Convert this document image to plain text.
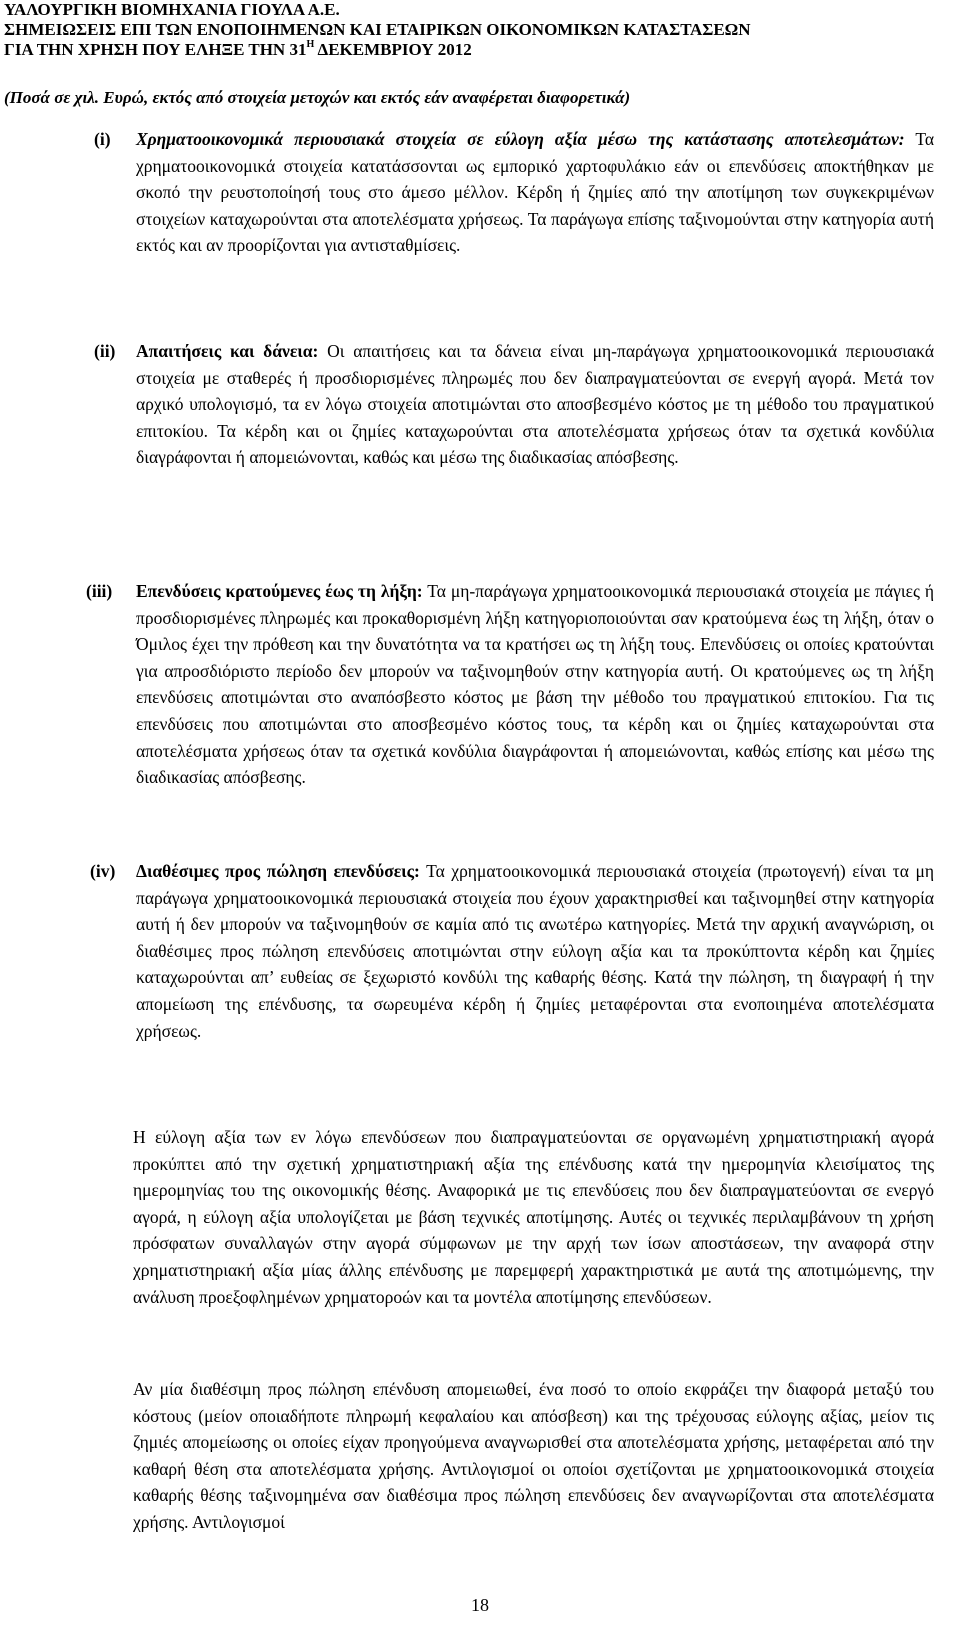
ΥΑΛΟΥΡΓΙΚΗ ΒΙΟΜΗΧΑΝΙΑ ΓΙΟΥΛΑ Α.Ε.
ΣΗΜΕΙΩΣΕΙΣ ΕΠΙ ΤΩΝ ΕΝΟΠΟΙΗΜΕΝΩΝ ΚΑΙ ΕΤΑΙΡΙΚΩΝ ΟΙΚΟΝΟΜΙΚΩΝ ΚΑΤΑΣΤΑΣΕΩΝ
ΓΙΑ ΤΗΝ ΧΡΗΣΗ ΠΟΥ ΕΛΗΞΕ ΤΗΝ $31^H$ ΔΕΚΕΜΒΡΙΟΥ 2012
(Ποσά σε χιλ. Ευρώ, εκτός από στοιχεία μετοχών και εκτός εάν αναφέρεται διαφορετικά)
(i) Χρηματοοικονομικά περιουσιακά στοιχεία σε εύλογη αξία μέσω της κατάστασης αποτελεσμάτων: Τα χρηματοοικονομικά στοιχεία κατατάσσονται ως εμπορικό χαρτοφυλάκιο εάν οι επενδύσεις αποκτήθηκαν με σκοπό την ρευστοποίησή τους στο άμεσο μέλλον. Κέρδη ή ζημίες από την αποτίμηση των συγκεκριμένων στοιχείων καταχωρούνται στα αποτελέσματα χρήσεως. Τα παράγωγα επίσης ταξινομούνται στην κατηγορία αυτή εκτός και αν προορίζονται για αντισταθμίσεις.
(ii) Απαιτήσεις και δάνεια: Οι απαιτήσεις και τα δάνεια είναι μη-παράγωγα χρηματοοικονομικά περιουσιακά στοιχεία με σταθερές ή προσδιορισμένες πληρωμές που δεν διαπραγματεύονται σε ενεργή αγορά. Μετά τον αρχικό υπολογισμό, τα εν λόγω στοιχεία αποτιμώνται στο αποσβεσμένο κόστος με τη μέθοδο του πραγματικού επιτοκίου. Τα κέρδη και οι ζημίες καταχωρούνται στα αποτελέσματα χρήσεως όταν τα σχετικά κονδύλια διαγράφονται ή απομειώνονται, καθώς και μέσω της διαδικασίας απόσβεσης.
(iii) Επενδύσεις κρατούμενες έως τη λήξη: Τα μη-παράγωγα χρηματοοικονομικά περιουσιακά στοιχεία με πάγιες ή προσδιορισμένες πληρωμές και προκαθορισμένη λήξη κατηγοριοποιούνται σαν κρατούμενα έως τη λήξη, όταν ο Όμιλος έχει την πρόθεση και την δυνατότητα να τα κρατήσει ως τη λήξη τους. Επενδύσεις οι οποίες κρατούνται για απροσδιόριστο περίοδο δεν μπορούν να ταξινομηθούν στην κατηγορία αυτή. Οι κρατούμενες ως τη λήξη επενδύσεις αποτιμώνται στο αναπόσβεστο κόστος με βάση την μέθοδο του πραγματικού επιτοκίου. Για τις επενδύσεις που αποτιμώνται στο αποσβεσμένο κόστος τους, τα κέρδη και οι ζημίες καταχωρούνται στα αποτελέσματα χρήσεως όταν τα σχετικά κονδύλια διαγράφονται ή απομειώνονται, καθώς επίσης και μέσω της διαδικασίας απόσβεσης.
(iv) Διαθέσιμες προς πώληση επενδύσεις: Τα χρηματοοικονομικά περιουσιακά στοιχεία (πρωτογενή) είναι τα μη παράγωγα χρηματοοικονομικά περιουσιακά στοιχεία που έχουν χαρακτηρισθεί και ταξινομηθεί στην κατηγορία αυτή ή δεν μπορούν να ταξινομηθούν σε καμία από τις ανωτέρω κατηγορίες. Μετά την αρχική αναγνώριση, οι διαθέσιμες προς πώληση επενδύσεις αποτιμώνται στην εύλογη αξία και τα προκύπτοντα κέρδη και ζημίες καταχωρούνται απ’ ευθείας σε ξεχωριστό κονδύλι της καθαρής θέσης. Κατά την πώληση, τη διαγραφή ή την απομείωση της επένδυσης, τα σωρευμένα κέρδη ή ζημίες μεταφέρονται στα ενοποιημένα αποτελέσματα χρήσεως.
Η εύλογη αξία των εν λόγω επενδύσεων που διαπραγματεύονται σε οργανωμένη χρηματιστηριακή αγορά προκύπτει από την σχετική χρηματιστηριακή αξία της επένδυσης κατά την ημερομηνία κλεισίματος της ημερομηνίας του της οικονομικής θέσης. Αναφορικά με τις επενδύσεις που δεν διαπραγματεύονται σε ενεργό αγορά, η εύλογη αξία υπολογίζεται με βάση τεχνικές αποτίμησης. Αυτές οι τεχνικές περιλαμβάνουν τη χρήση πρόσφατων συναλλαγών στην αγορά σύμφωνων με την αρχή των ίσων αποστάσεων, την αναφορά στην χρηματιστηριακή αξία μίας άλλης επένδυσης με παρεμφερή χαρακτηριστικά με αυτά της αποτιμώμενης, την ανάλυση προεξοφλημένων χρηματοροών και τα μοντέλα αποτίμησης επενδύσεων.
Αν μία διαθέσιμη προς πώληση επένδυση απομειωθεί, ένα ποσό το οποίο εκφράζει την διαφορά μεταξύ του κόστους (μείον οποιαδήποτε πληρωμή κεφαλαίου και απόσβεση) και της τρέχουσας εύλογης αξίας, μείον τις ζημιές απομείωσης οι οποίες είχαν προηγούμενα αναγνωρισθεί στα αποτελέσματα χρήσης, μεταφέρεται από την καθαρή θέση στα αποτελέσματα χρήσης. Αντιλογισμοί οι οποίοι σχετίζονται με χρηματοοικονομικά στοιχεία καθαρής θέσης ταξινομημένα σαν διαθέσιμα προς πώληση επενδύσεις δεν αναγνωρίζονται στα αποτελέσματα χρήσης. Αντιλογισμοί
18
